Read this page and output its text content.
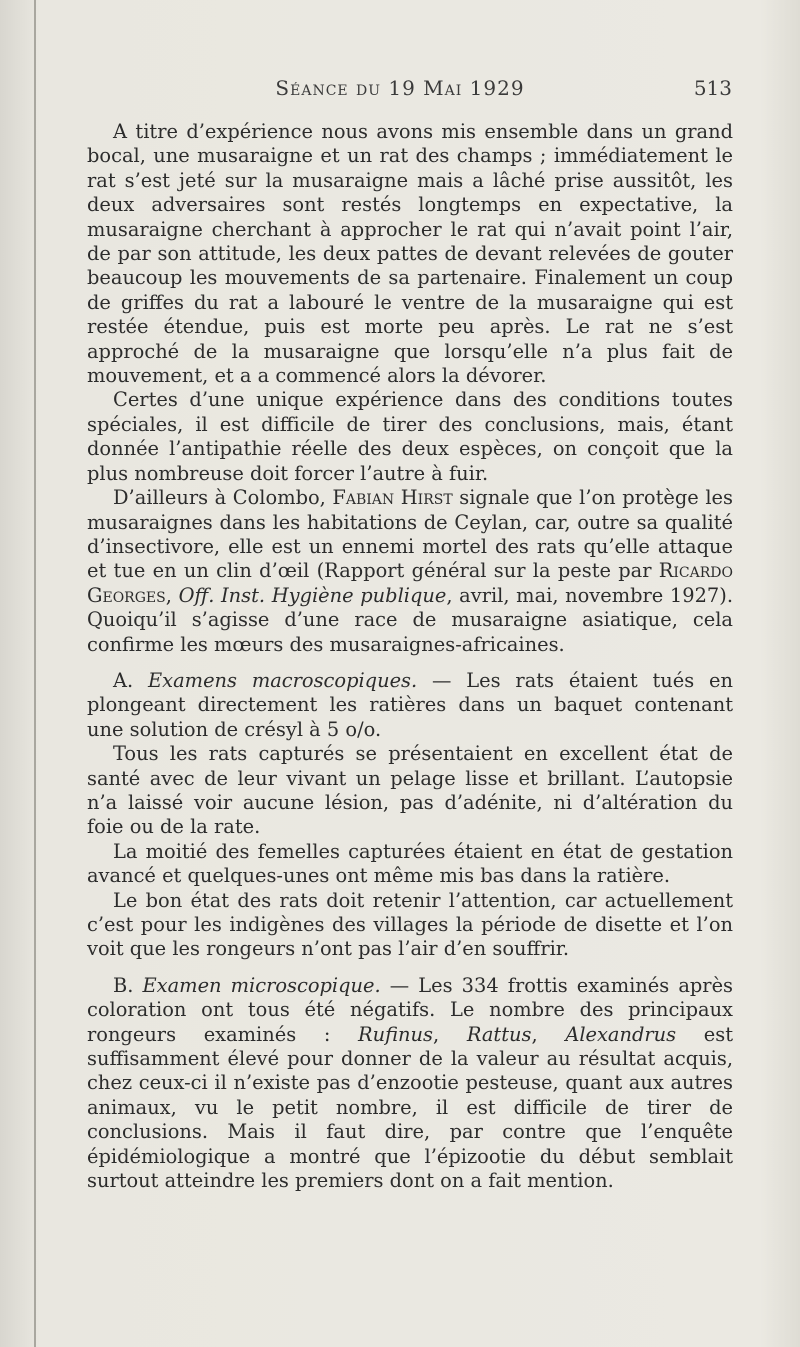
Séance du 19 Mai 1929	513

A titre d’expérience nous avons mis ensemble dans un grand bocal, une musaraigne et un rat des champs ; immédiatement le rat s’est jeté sur la musaraigne mais a lâché prise aussitôt, les deux adversaires sont restés longtemps en expectative, la musaraigne cherchant à approcher le rat qui n’avait point l’air, de par son attitude, les deux pattes de devant relevées de gouter beaucoup les mouvements de sa partenaire. Finalement un coup de griffes du rat a labouré le ventre de la musaraigne qui est restée étendue, puis est morte peu après. Le rat ne s’est approché de la musaraigne que lorsqu’elle n’a plus fait de mouvement, et a a commencé alors la dévorer.

Certes d’une unique expérience dans des conditions toutes spéciales, il est difficile de tirer des conclusions, mais, étant donnée l’antipathie réelle des deux espèces, on conçoit que la plus nombreuse doit forcer l’autre à fuir.

D’ailleurs à Colombo, Fabian Hirst signale que l’on protège les musaraignes dans les habitations de Ceylan, car, outre sa qualité d’insectivore, elle est un ennemi mortel des rats qu’elle attaque et tue en un clin d’œil (Rapport général sur la peste par Ricardo Georges, Off. Inst. Hygiène publique, avril, mai, novembre 1927). Quoiqu’il s’agisse d’une race de musaraigne asiatique, cela confirme les mœurs des musaraignes-africaines.

A. Examens macroscopiques. — Les rats étaient tués en plongeant directement les ratières dans un baquet contenant une solution de crésyl à 5 o/o.

Tous les rats capturés se présentaient en excellent état de santé avec de leur vivant un pelage lisse et brillant. L’autopsie n’a laissé voir aucune lésion, pas d’adénite, ni d’altération du foie ou de la rate.

La moitié des femelles capturées étaient en état de gestation avancé et quelques-unes ont même mis bas dans la ratière.

Le bon état des rats doit retenir l’attention, car actuellement c’est pour les indigènes des villages la période de disette et l’on voit que les rongeurs n’ont pas l’air d’en souffrir.

B. Examen microscopique. — Les 334 frottis examinés après coloration ont tous été négatifs. Le nombre des principaux rongeurs examinés : Rufinus, Rattus, Alexandrus est suffisamment élevé pour donner de la valeur au résultat acquis, chez ceux-ci il n’existe pas d’enzootie pesteuse, quant aux autres animaux, vu le petit nombre, il est difficile de tirer de conclusions. Mais il faut dire, par contre que l’enquête épidémiologique a montré que l’épizootie du début semblait surtout atteindre les premiers dont on a fait mention.
